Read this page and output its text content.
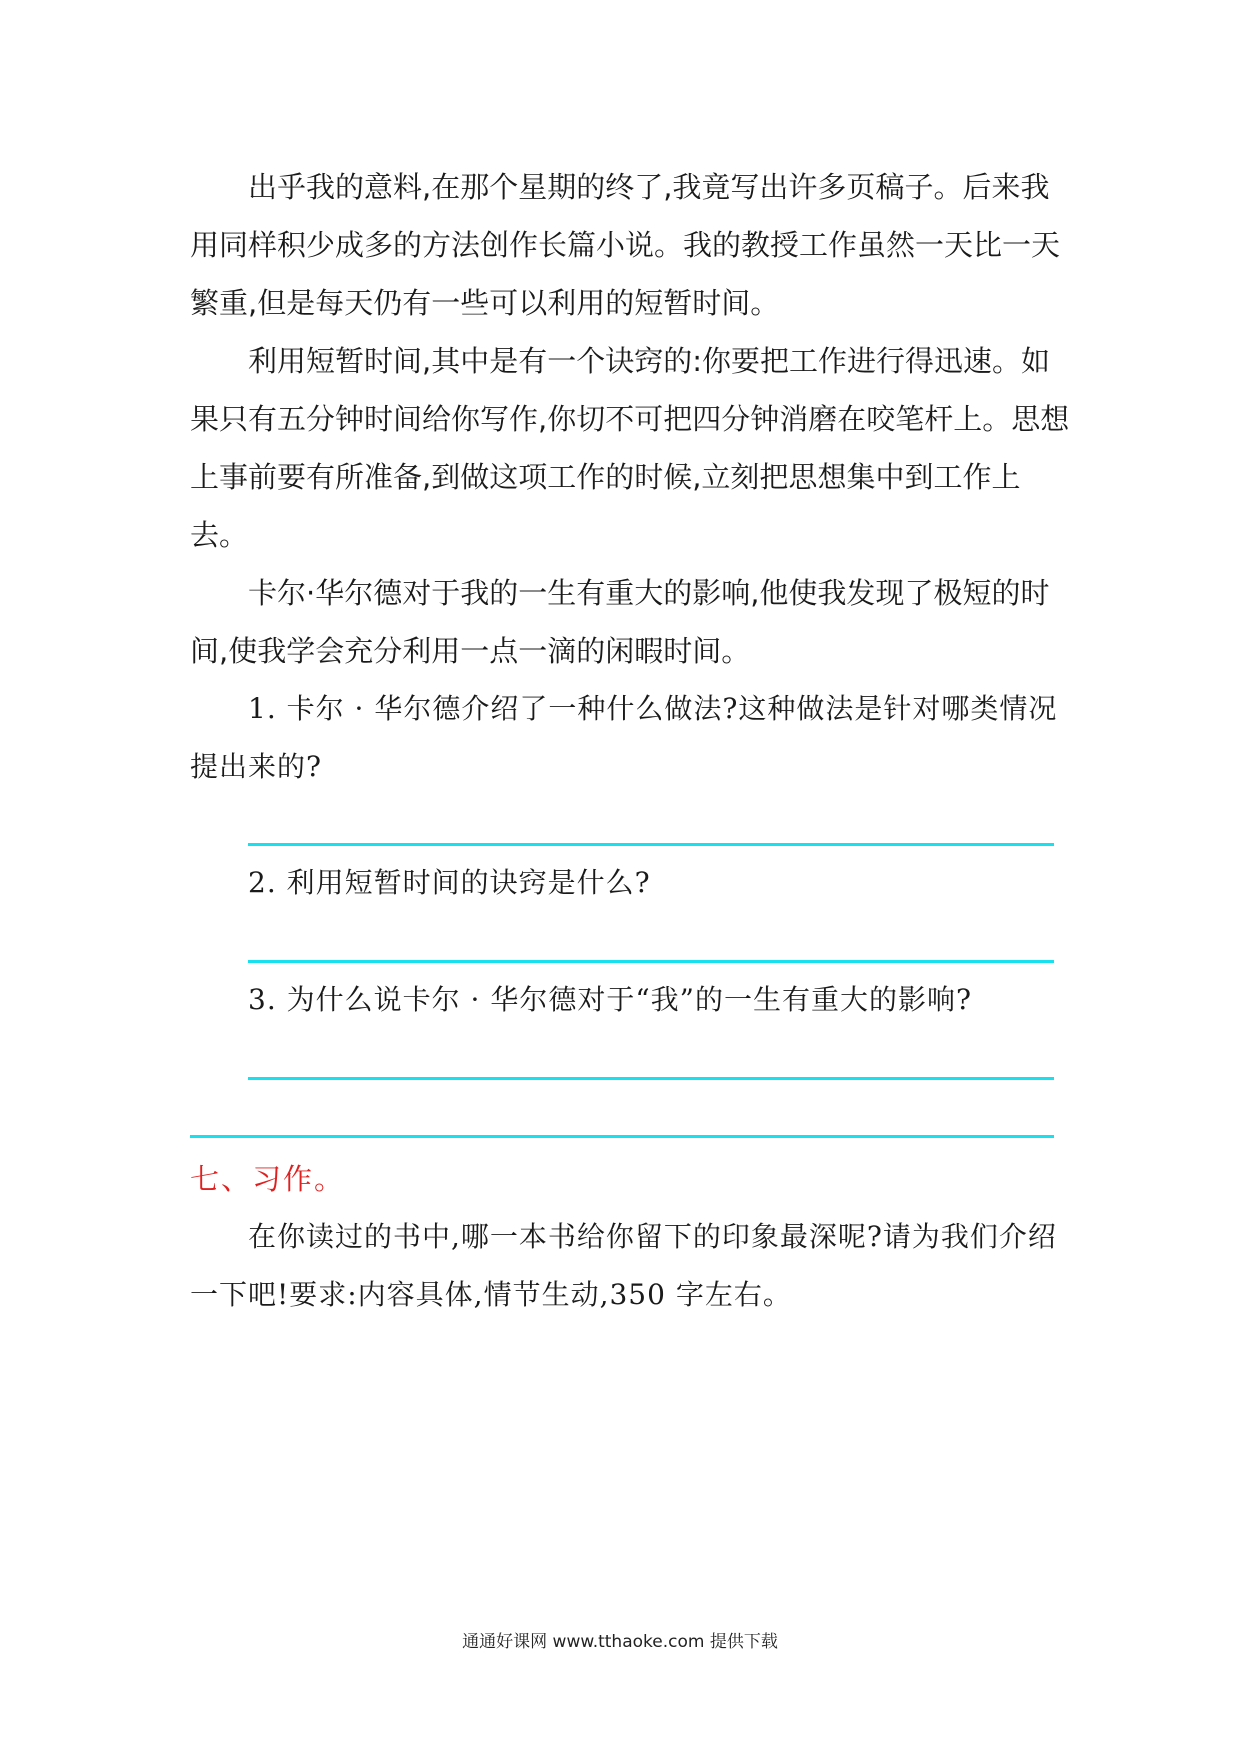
出乎我的意料,在那个星期的终了,我竟写出许多页稿子。后来我用同样积少成多的方法创作长篇小说。我的教授工作虽然一天比一天繁重,但是每天仍有一些可以利用的短暂时间。

利用短暂时间,其中是有一个诀窍的:你要把工作进行得迅速。如果只有五分钟时间给你写作,你切不可把四分钟消磨在咬笔杆上。思想上事前要有所准备,到做这项工作的时候,立刻把思想集中到工作上去。

卡尔·华尔德对于我的一生有重大的影响,他使我发现了极短的时间,使我学会充分利用一点一滴的闲暇时间。

1. 卡尔 · 华尔德介绍了一种什么做法?这种做法是针对哪类情况提出来的?

2. 利用短暂时间的诀窍是什么?

3. 为什么说卡尔 · 华尔德对于“我”的一生有重大的影响?

七、习作。

在你读过的书中,哪一本书给你留下的印象最深呢?请为我们介绍一下吧!要求:内容具体,情节生动,350 字左右。

通通好课网 www.tthaoke.com 提供下载
